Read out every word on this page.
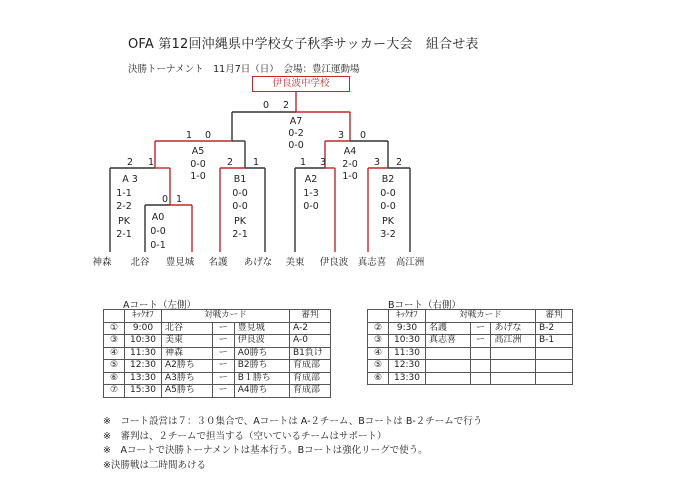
OFA 第12回沖縄県中学校女子秋季サッカー大会　組合せ表
決勝トーナメント　11月7日（日）　会場：豊江運動場
伊良波中学校
0 2
A7
0-2
0-0
1 0
A5
0-0
1-0
3 0
A4
2-0
1-0
2 1
A 3
1-1
2-2
PK
2-1
0 1
A0
0-0
0-1
2 1
B1
0-0
0-0
PK
2-1
1 3
A2
1-3
0-0
3 2
B2
0-0
0-0
PK
3-2
神森 北谷 豊見城 名護 あげな 美東 伊良波 真志喜 高江洲
Aコート（左側）
	ｷｯｸｵﾌ	対戦カード			審判
①	9:00	北谷	ー	豊見城	A-2
③	10:30	美東	ー	伊良波	A-0
④	11:30	神森	ー	A0勝ち	B1負け
⑤	12:30	A2勝ち	ー	B2勝ち	育成部
⑥	13:30	A3勝ち	ー	B１勝ち	育成部
⑦	15:30	A5勝ち	ー	A4勝ち	育成部
Bコート（右側）
	ｷｯｸｵﾌ	対戦カード			審判
②	9:30	名護	ー	あげな	B-2
③	10:30	真志喜	ー	高江洲	B-1
④	11:30				
⑤	12:30				
⑥	13:30				
※　コート設営は７：３０集合で、Aコートは A-２チーム、Bコートは B-２チームで行う
※　審判は、２チームで担当する（空いているチームはサポート）
※　Aコートで決勝トーナメントは基本行う。Bコートは強化リーグで使う。
※決勝戦は二時間あける
